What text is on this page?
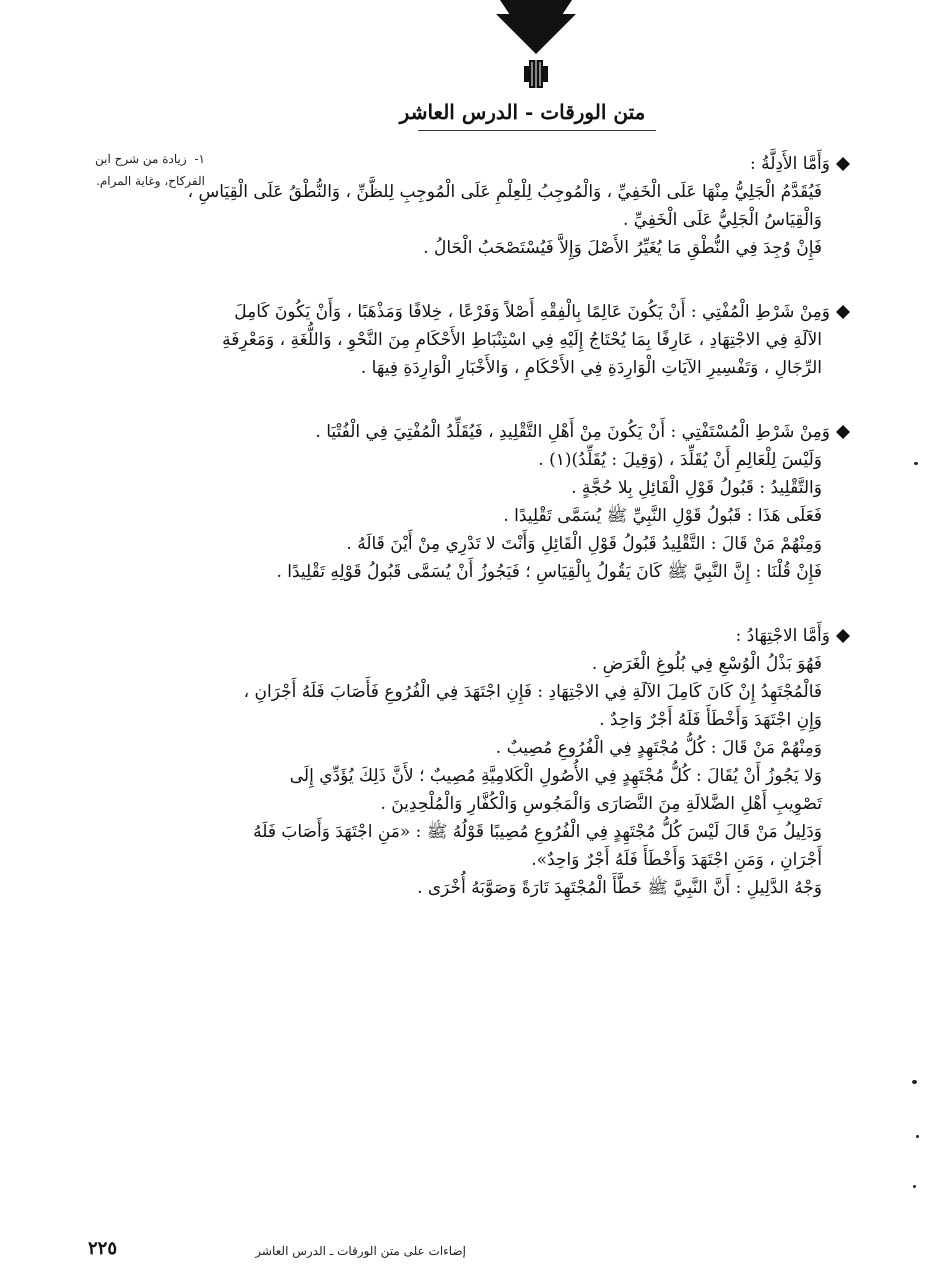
متن الورقات - الدرس العاشر
١- زيادة من شرح ابن الفركاح، وغاية المرام.
وَأَمَّا الأَدِلَّةُ :
فَيُقَدَّمُ الْجَلِيُّ مِنْهَا عَلَى الْخَفِيِّ ، وَالْمُوجِبُ لِلْعِلْمِ عَلَى الْمُوجِبِ لِلظَّنِّ ، وَالنُّطْقُ عَلَى الْقِيَاسِ ،
وَالْقِيَاسُ الْجَلِيُّ عَلَى الْخَفِيِّ .
فَإِنْ وُجِدَ فِي النُّطْقِ مَا يُغَيِّرُ الأَصْلَ وَإِلاَّ فَيُسْتَصْحَبُ الْحَالُ .
وَمِنْ شَرْطِ الْمُفْتِي : أَنْ يَكُونَ عَالِمًا بِالْفِقْهِ أَصْلاً وَفَرْعًا ، خِلافًا وَمَذْهَبًا ، وَأَنْ يَكُونَ كَامِلَ
الآلَةِ فِي الاجْتِهَادِ ، عَارِفًا بِمَا يُحْتَاجُ إِلَيْهِ فِي اسْتِنْبَاطِ الأَحْكَامِ مِنَ النَّحْوِ ، وَاللُّغَةِ ، وَمَعْرِفَةِ
الرِّجَالِ ، وَتَفْسِيرِ الآيَاتِ الْوَارِدَةِ فِي الأَحْكَامِ ، وَالأَخْبَارِ الْوَارِدَةِ فِيهَا .
وَمِنْ شَرْطِ الْمُسْتَفْتِي : أَنْ يَكُونَ مِنْ أَهْلِ التَّقْلِيدِ ، فَيُقَلِّدُ الْمُفْتِيَ فِي الْفُتْيَا .
وَلَيْسَ لِلْعَالِمِ أَنْ يُقَلِّدَ ، (وَقِيلَ : يُقَلِّدُ)(١) .
وَالتَّقْلِيدُ : قَبُولُ قَوْلِ الْقَائِلِ بِلا حُجَّةٍ .
فَعَلَى هَذَا : قَبُولُ قَوْلِ النَّبِيِّ ﷺ يُسَمَّى تَقْلِيدًا .
وَمِنْهُمْ مَنْ قَالَ : التَّقْلِيدُ قَبُولُ قَوْلِ الْقَائِلِ وَأَنْتَ لا تَدْرِي مِنْ أَيْنَ قَالَهُ .
فَإِنْ قُلْنَا : إِنَّ النَّبِيَّ ﷺ كَانَ يَقُولُ بِالْقِيَاسِ ؛ فَيَجُوزُ أَنْ يُسَمَّى قَبُولُ قَوْلِهِ تَقْلِيدًا .
وَأَمَّا الاجْتِهَادُ :
فَهُوَ بَذْلُ الْوُسْعِ فِي بُلُوغِ الْغَرَضِ .
فَالْمُجْتَهِدُ إِنْ كَانَ كَامِلَ الآلَةِ فِي الاجْتِهَادِ : فَإِنِ اجْتَهَدَ فِي الْفُرُوعِ فَأَصَابَ فَلَهُ أَجْرَانِ ،
وَإِنِ اجْتَهَدَ وَأَخْطَأَ فَلَهُ أَجْرٌ وَاحِدٌ .
وَمِنْهُمْ مَنْ قَالَ : كُلُّ مُجْتَهِدٍ فِي الْفُرُوعِ مُصِيبٌ .
وَلا يَجُوزُ أَنْ يُقَالَ : كُلُّ مُجْتَهِدٍ فِي الأُصُولِ الْكَلامِيَّةِ مُصِيبٌ ؛ لأَنَّ ذَلِكَ يُؤَدِّي إِلَى
تَصْوِيبِ أَهْلِ الضَّلالَةِ مِنَ النَّصَارَى وَالْمَجُوسِ وَالْكُفَّارِ وَالْمُلْحِدِينَ .
وَدَلِيلُ مَنْ قَالَ لَيْسَ كُلُّ مُجْتَهِدٍ فِي الْفُرُوعِ مُصِيبًا قَوْلُهُ ﷺ : «مَنِ اجْتَهَدَ وَأَصَابَ فَلَهُ
أَجْرَانِ ، وَمَنِ اجْتَهَدَ وَأَخْطَأَ فَلَهُ أَجْرٌ وَاحِدٌ».
وَجْهُ الدَّلِيلِ : أَنَّ النَّبِيَّ ﷺ خَطَّأَ الْمُجْتَهِدَ تَارَةً وَصَوَّبَهُ أُخْرَى .
٢٢٥	إضاءات على متن الورقات ـ الدرس العاشر
